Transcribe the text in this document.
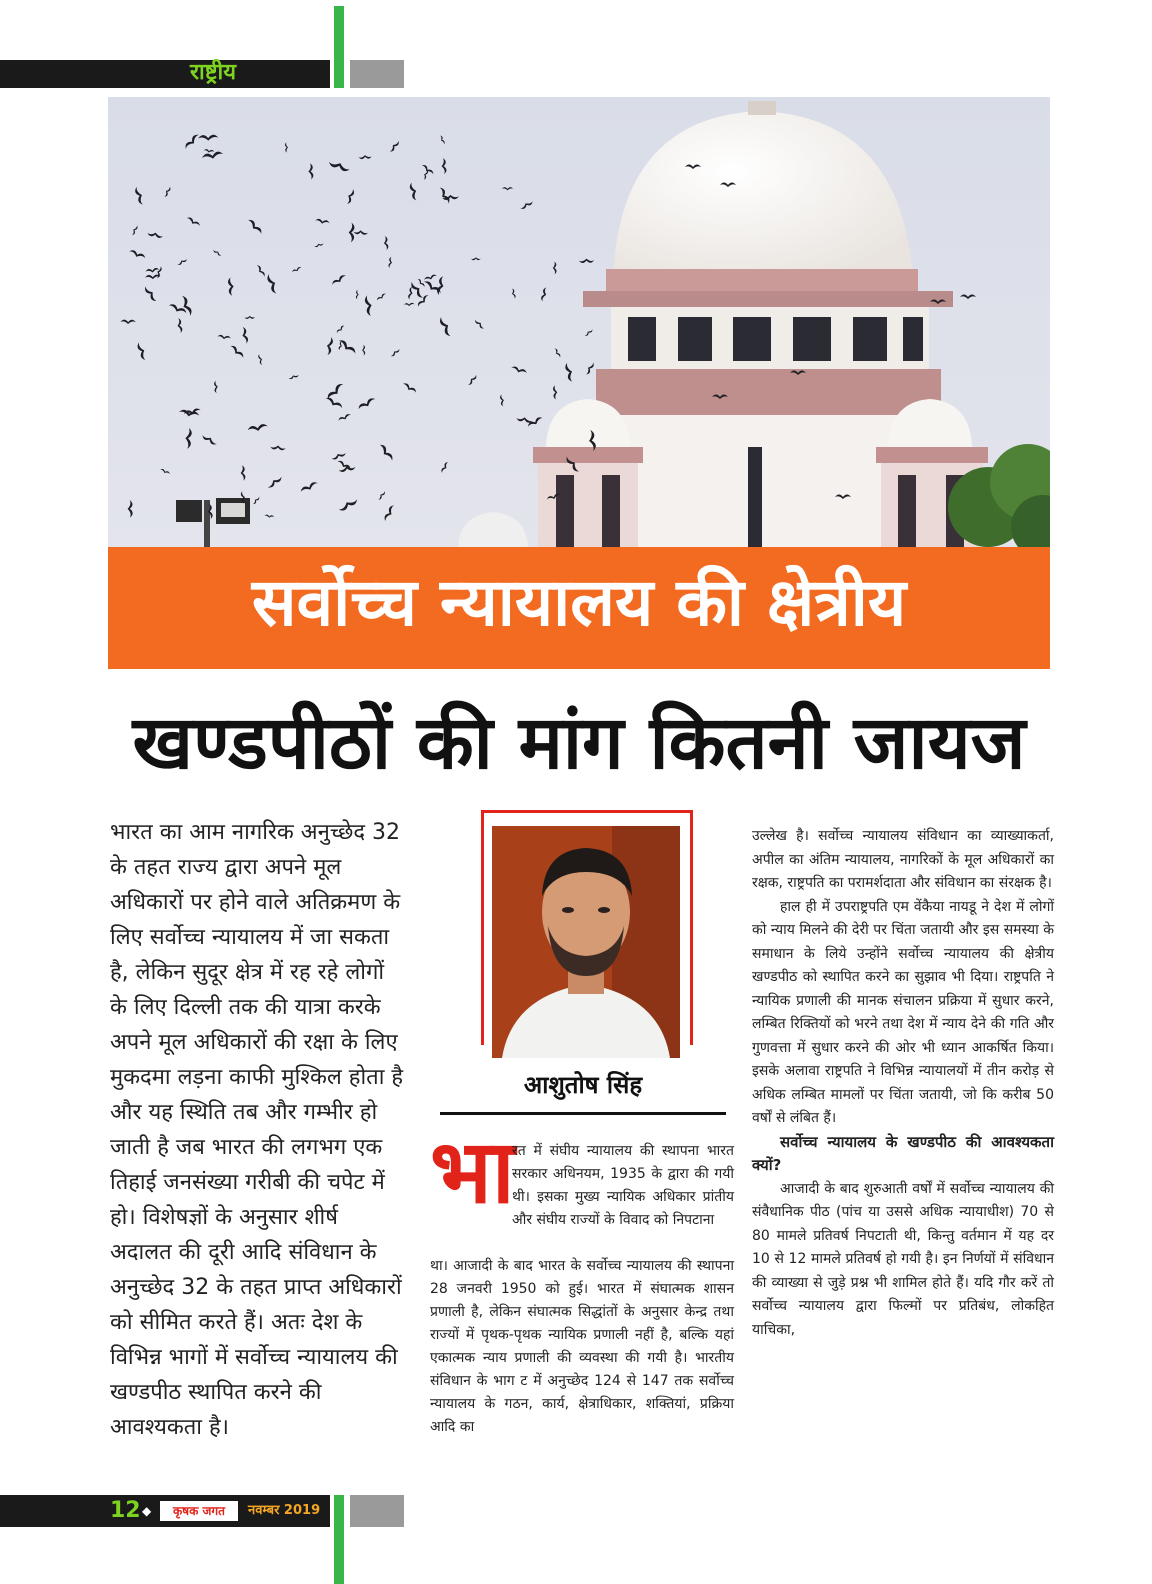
राष्ट्रीय
सर्वोच्च न्यायालय की क्षेत्रीय
खण्डपीठों की मांग कितनी जायज
भारत का आम नागरिक अनुच्छेद 32 के तहत राज्य द्वारा अपने मूल अधिकारों पर होने वाले अतिक्रमण के लिए सर्वोच्च न्यायालय में जा सकता है, लेकिन सुदूर क्षेत्र में रह रहे लोगों के लिए दिल्ली तक की यात्रा करके अपने मूल अधिकारों की रक्षा के लिए मुकदमा लड़ना काफी मुश्किल होता है और यह स्थिति तब और गम्भीर हो जाती है जब भारत की लगभग एक तिहाई जनसंख्या गरीबी की चपेट में हो। विशेषज्ञों के अनुसार शीर्ष अदालत की दूरी आदि संविधान के अनुच्छेद 32 के तहत प्राप्त अधिकारों को सीमित करते हैं। अतः देश के विभिन्न भागों में सर्वोच्च न्यायालय की खण्डपीठ स्थापित करने की आवश्यकता है।
आशुतोष सिंह
भा
रत में संघीय न्यायालय की स्थापना भारत सरकार अधिनयम, 1935 के द्वारा की गयी थी। इसका मुख्य न्यायिक अधिकार प्रांतीय और संघीय राज्यों के विवाद को निपटाना
था। आजादी के बाद भारत के सर्वोच्च न्यायालय की स्थापना 28 जनवरी 1950 को हुई। भारत में संघात्मक शासन प्रणाली है, लेकिन संघात्मक सिद्धांतों के अनुसार केन्द्र तथा राज्यों में पृथक-पृथक न्यायिक प्रणाली नहीं है, बल्कि यहां एकात्मक न्याय प्रणाली की व्यवस्था की गयी है। भारतीय संविधान के भाग ट में अनुच्छेद 124 से 147 तक सर्वोच्च न्यायालय के गठन, कार्य, क्षेत्राधिकार, शक्तियां, प्रक्रिया आदि का

उल्लेख है। सर्वोच्च न्यायालय संविधान का व्याख्याकर्ता, अपील का अंतिम न्यायालय, नागरिकों के मूल अधिकारों का रक्षक, राष्ट्रपति का परामर्शदाता और संविधान का संरक्षक है।

हाल ही में उपराष्ट्रपति एम वेंकैया नायडू ने देश में लोगों को न्याय मिलने की देरी पर चिंता जतायी और इस समस्या के समाधान के लिये उन्होंने सर्वोच्च न्यायालय की क्षेत्रीय खण्डपीठ को स्थापित करने का सुझाव भी दिया। राष्ट्रपति ने न्यायिक प्रणाली की मानक संचालन प्रक्रिया में सुधार करने, लम्बित रिक्तियों को भरने तथा देश में न्याय देने की गति और गुणवत्ता में सुधार करने की ओर भी ध्यान आकर्षित किया। इसके अलावा राष्ट्रपति ने विभिन्न न्यायालयों में तीन करोड़ से अधिक लम्बित मामलों पर चिंता जतायी, जो कि करीब 50 वर्षों से लंबित हैं।

सर्वोच्च न्यायालय के खण्डपीठ की आवश्यकता क्यों?

आजादी के बाद शुरुआती वर्षों में सर्वोच्च न्यायालय की संवैधानिक पीठ (पांच या उससे अधिक न्यायाधीश) 70 से 80 मामले प्रतिवर्ष निपटाती थी, किन्तु वर्तमान में यह दर 10 से 12 मामले प्रतिवर्ष हो गयी है। इन निर्णयों में संविधान की व्याख्या से जुड़े प्रश्न भी शामिल होते हैं। यदि गौर करें तो सर्वोच्च न्यायालय द्वारा फिल्मों पर प्रतिबंध, लोकहित याचिका,

12 ◆	कृषक जगत	नवम्बर 2019
